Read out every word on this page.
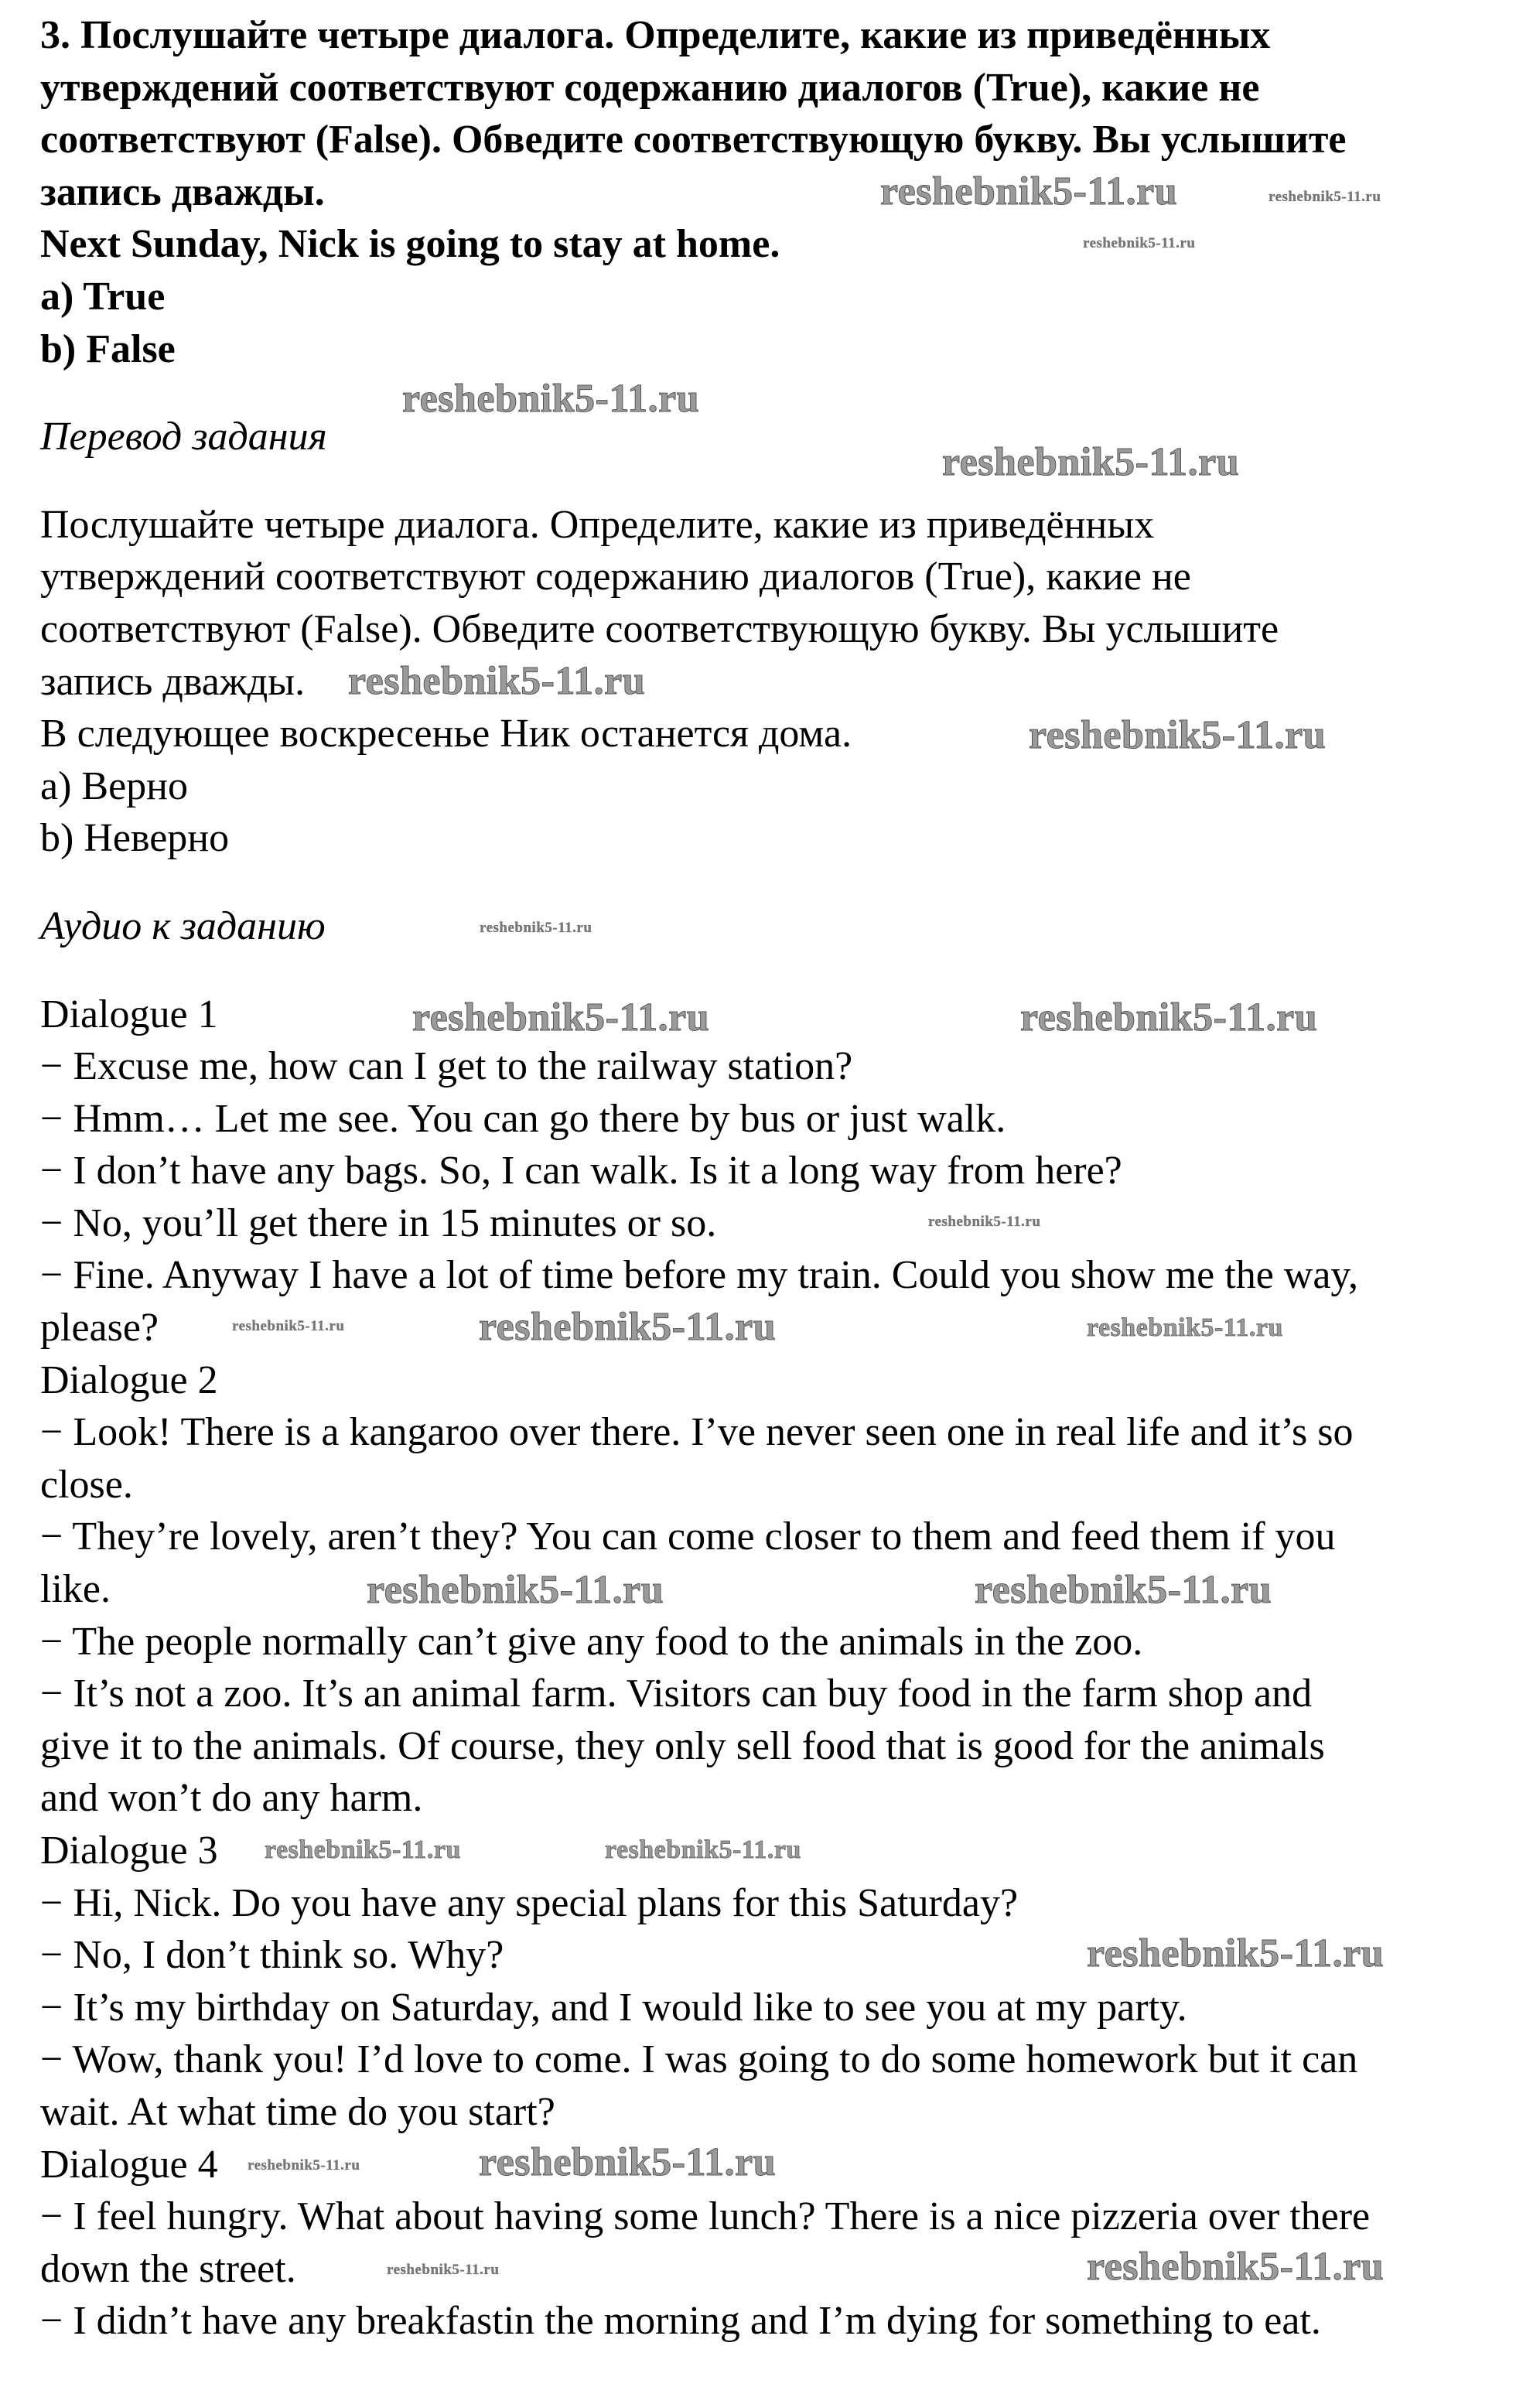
3. Послушайте четыре диалога. Определите, какие из приведённых
утверждений соответствуют содержанию диалогов (True), какие не
соответствуют (False). Обведите соответствующую букву. Вы услышите
запись дважды.
Next Sunday, Nick is going to stay at home.
a) True
b) False
Перевод задания
Послушайте четыре диалога. Определите, какие из приведённых
утверждений соответствуют содержанию диалогов (True), какие не
соответствуют (False). Обведите соответствующую букву. Вы услышите
запись дважды.
В следующее воскресенье Ник останется дома.
a) Верно
b) Неверно
Аудио к заданию
Dialogue 1
− Excuse me, how can I get to the railway station?
− Hmm… Let me see. You can go there by bus or just walk.
− I don’t have any bags. So, I can walk. Is it a long way from here?
− No, you’ll get there in 15 minutes or so.
− Fine. Anyway I have a lot of time before my train. Could you show me the way,
please?
Dialogue 2
− Look! There is a kangaroo over there. I’ve never seen one in real life and it’s so
close.
− They’re lovely, aren’t they? You can come closer to them and feed them if you
like.
− The people normally can’t give any food to the animals in the zoo.
− It’s not a zoo. It’s an animal farm. Visitors can buy food in the farm shop and
give it to the animals. Of course, they only sell food that is good for the animals
and won’t do any harm.
Dialogue 3
− Hi, Nick. Do you have any special plans for this Saturday?
− No, I don’t think so. Why?
− It’s my birthday on Saturday, and I would like to see you at my party.
− Wow, thank you! I’d love to come. I was going to do some homework but it can
wait. At what time do you start?
Dialogue 4
− I feel hungry. What about having some lunch? There is a nice pizzeria over there
down the street.
− I didn’t have any breakfastin the morning and I’m dying for something to eat.
reshebnik5-11.ru
reshebnik5-11.ru
reshebnik5-11.ru
reshebnik5-11.ru
reshebnik5-11.ru
reshebnik5-11.ru
reshebnik5-11.ru
reshebnik5-11.ru
reshebnik5-11.ru	reshebnik5-11.ru
reshebnik5-11.ru
reshebnik5-11.ru	reshebnik5-11.ru	reshebnik5-11.ru
reshebnik5-11.ru	reshebnik5-11.ru
reshebnik5-11.ru	reshebnik5-11.ru
reshebnik5-11.ru
reshebnik5-11.ru	reshebnik5-11.ru
reshebnik5-11.ru	reshebnik5-11.ru
